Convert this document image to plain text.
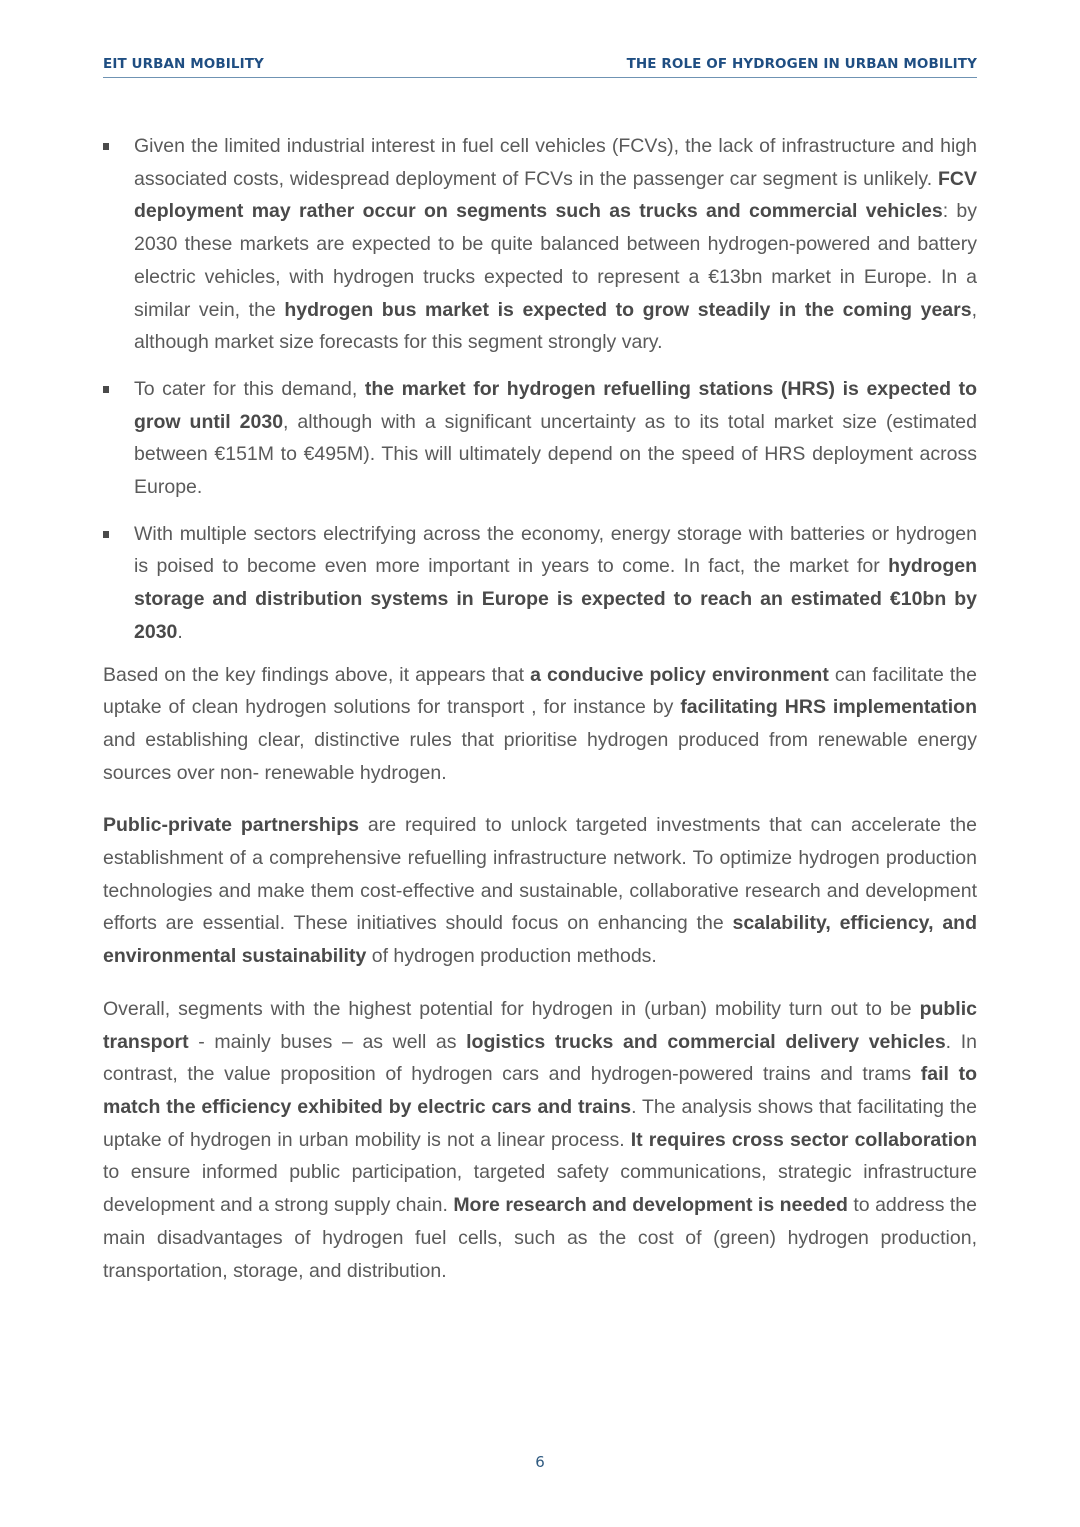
EIT URBAN MOBILITY	THE ROLE OF HYDROGEN IN URBAN MOBILITY
Given the limited industrial interest in fuel cell vehicles (FCVs), the lack of infrastructure and high associated costs, widespread deployment of FCVs in the passenger car segment is unlikely. FCV deployment may rather occur on segments such as trucks and commercial vehicles: by 2030 these markets are expected to be quite balanced between hydrogen-powered and battery electric vehicles, with hydrogen trucks expected to represent a €13bn market in Europe. In a similar vein, the hydrogen bus market is expected to grow steadily in the coming years, although market size forecasts for this segment strongly vary.
To cater for this demand, the market for hydrogen refuelling stations (HRS) is expected to grow until 2030, although with a significant uncertainty as to its total market size (estimated between €151M to €495M). This will ultimately depend on the speed of HRS deployment across Europe.
With multiple sectors electrifying across the economy, energy storage with batteries or hydrogen is poised to become even more important in years to come. In fact, the market for hydrogen storage and distribution systems in Europe is expected to reach an estimated €10bn by 2030.

Based on the key findings above, it appears that a conducive policy environment can facilitate the uptake of clean hydrogen solutions for transport , for instance by facilitating HRS implementation and establishing clear, distinctive rules that prioritise hydrogen produced from renewable energy sources over non- renewable hydrogen.

Public-private partnerships are required to unlock targeted investments that can accelerate the establishment of a comprehensive refuelling infrastructure network. To optimize hydrogen production technologies and make them cost-effective and sustainable, collaborative research and development efforts are essential. These initiatives should focus on enhancing the scalability, efficiency, and environmental sustainability of hydrogen production methods.

Overall, segments with the highest potential for hydrogen in (urban) mobility turn out to be public transport - mainly buses – as well as logistics trucks and commercial delivery vehicles. In contrast, the value proposition of hydrogen cars and hydrogen-powered trains and trams fail to match the efficiency exhibited by electric cars and trains. The analysis shows that facilitating the uptake of hydrogen in urban mobility is not a linear process. It requires cross sector collaboration to ensure informed public participation, targeted safety communications, strategic infrastructure development and a strong supply chain. More research and development is needed to address the main disadvantages of hydrogen fuel cells, such as the cost of (green) hydrogen production, transportation, storage, and distribution.

6
